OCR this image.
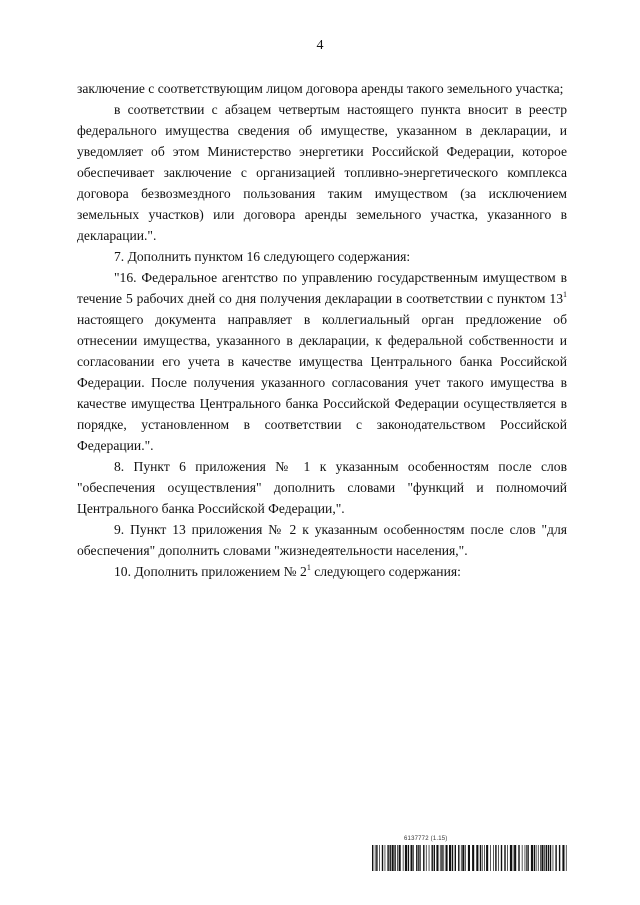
4

заключение с соответствующим лицом договора аренды такого земельного участка;

в соответствии с абзацем четвертым настоящего пункта вносит в реестр федерального имущества сведения об имуществе, указанном в декларации, и уведомляет об этом Министерство энергетики Российской Федерации, которое обеспечивает заключение с организацией топливно-энергетического комплекса договора безвозмездного пользования таким имуществом (за исключением земельных участков) или договора аренды земельного участка, указанного в декларации.".

7. Дополнить пунктом 16 следующего содержания:

"16. Федеральное агентство по управлению государственным имуществом в течение 5 рабочих дней со дня получения декларации в соответствии с пунктом $13^1$ настоящего документа направляет в коллегиальный орган предложение об отнесении имущества, указанного в декларации, к федеральной собственности и согласовании его учета в качестве имущества Центрального банка Российской Федерации. После получения указанного согласования учет такого имущества в качестве имущества Центрального банка Российской Федерации осуществляется в порядке, установленном в соответствии с законодательством Российской Федерации.".

8. Пункт 6 приложения № 1 к указанным особенностям после слов "обеспечения осуществления" дополнить словами "функций и полномочий Центрального банка Российской Федерации,".

9. Пункт 13 приложения № 2 к указанным особенностям после слов "для обеспечения" дополнить словами "жизнедеятельности населения,".

10. Дополнить приложением № $2^1$ следующего содержания:

6137772 (1.15)
